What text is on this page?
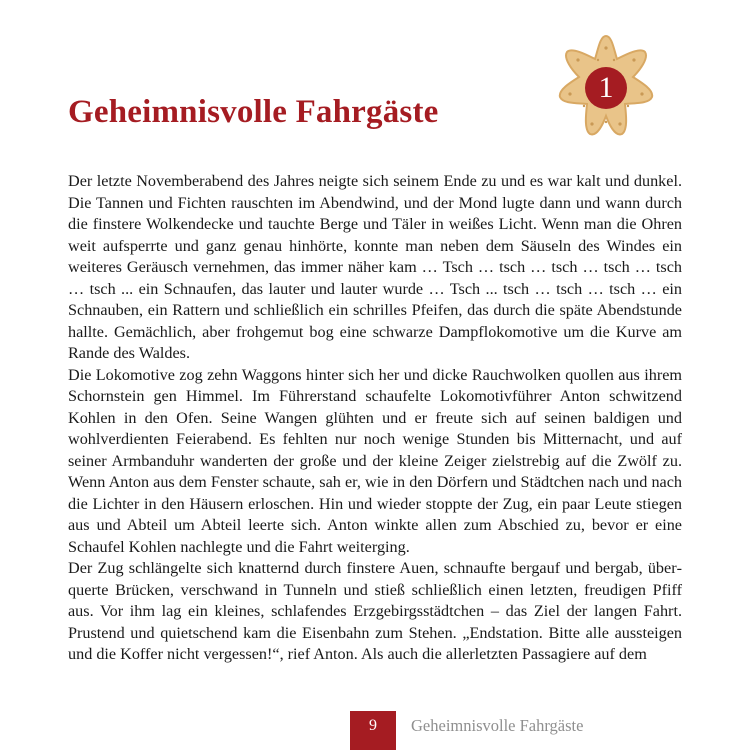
Geheimnisvolle Fahrgäste
1

Der letzte Novemberabend des Jahres neigte sich seinem Ende zu und es war kalt und dunkel. Die Tannen und Fichten rauschten im Abendwind, und der Mond lugte dann und wann durch die finstere Wolkendecke und tauchte Berge und Täler in weißes Licht. Wenn man die Ohren weit aufsperrte und ganz genau hinhörte, konnte man neben dem Säuseln des Windes ein weiteres Geräusch vernehmen, das immer näher kam … Tsch … tsch … tsch … tsch … tsch … tsch ... ein Schnaufen, das lauter und lauter wurde … Tsch ... tsch … tsch … tsch … ein Schnauben, ein Rattern und schließlich ein schrilles Pfeifen, das durch die späte Abendstunde hallte. Gemächlich, aber frohgemut bog eine schwarze Dampflokomotive um die Kurve am Rande des Waldes.

Die Lokomotive zog zehn Waggons hinter sich her und dicke Rauchwolken quollen aus ihrem Schornstein gen Himmel. Im Führerstand schaufelte Lokomotivführer Anton schwitzend Kohlen in den Ofen. Seine Wangen glühten und er freute sich auf seinen baldigen und wohlverdienten Feierabend. Es fehlten nur noch wenige Stunden bis Mitternacht, und auf seiner Armbanduhr wanderten der große und der kleine Zeiger zielstrebig auf die Zwölf zu. Wenn Anton aus dem Fenster schaute, sah er, wie in den Dörfern und Städtchen nach und nach die Lichter in den Häusern erloschen. Hin und wieder stoppte der Zug, ein paar Leute stiegen aus und Abteil um Abteil leerte sich. Anton winkte allen zum Abschied zu, bevor er eine Schaufel Kohlen nachlegte und die Fahrt weiterging.

Der Zug schlängelte sich knatternd durch finstere Auen, schnaufte bergauf und bergab, überquerte Brücken, verschwand in Tunneln und stieß schließlich einen letzten, freudigen Pfiff aus. Vor ihm lag ein kleines, schlafendes Erzgebirgsstädtchen – das Ziel der langen Fahrt. Prustend und quietschend kam die Eisenbahn zum Stehen. „Endstation. Bitte alle aussteigen und die Koffer nicht vergessen!“, rief Anton. Als auch die allerletzten Passagiere auf dem

9	Geheimnisvolle Fahrgäste
